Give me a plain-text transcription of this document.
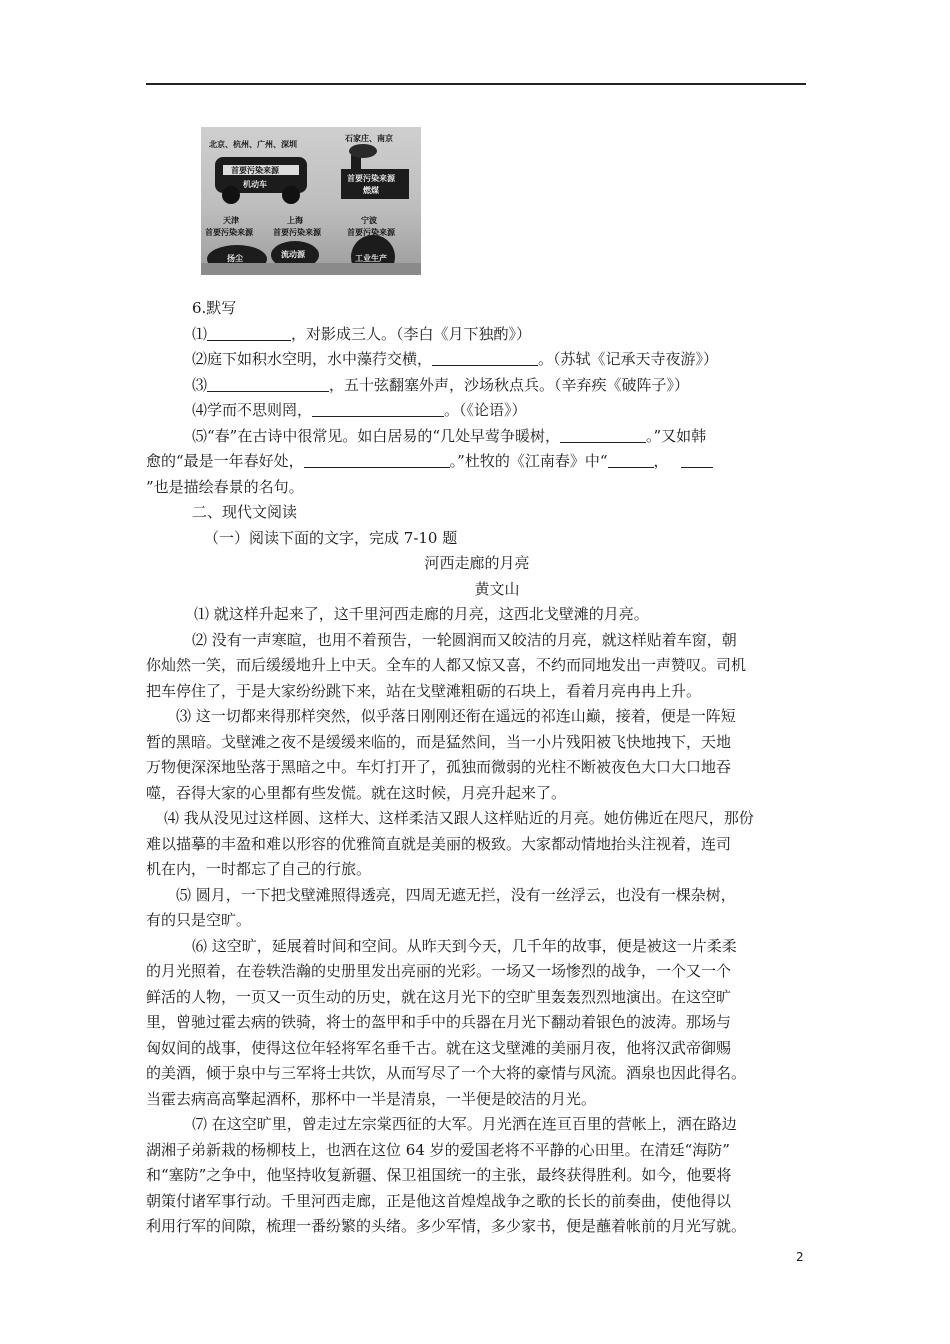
北京、杭州、广州、深圳
石家庄、南京
首要污染来源
机动车
首要污染来源
燃煤
天津	上海	宁波
首要污染来源	首要污染来源	首要污染来源
扬尘	流动源	工业生产
6.默写
⑴	，对影成三人。（李白《月下独酌》）
⑵庭下如积水空明，水中藻荇交横，	。（苏轼《记承天寺夜游》）
⑶	，五十弦翻塞外声，沙场秋点兵。（辛弃疾《破阵子》）
⑷学而不思则罔，	。（《论语》）
⑸“春”在古诗中很常见。如白居易的“几处早莺争暖树，	。”又如韩
愈的“最是一年春好处，	。”杜牧的《江南春》中“	，
”也是描绘春景的名句。
二、现代文阅读
（一）阅读下面的文字，完成 7-10 题
河西走廊的月亮
黄文山
⑴ 就这样升起来了，这千里河西走廊的月亮，这西北戈壁滩的月亮。
⑵ 没有一声寒暄，也用不着预告，一轮圆润而又皎洁的月亮，就这样贴着车窗，朝
你灿然一笑，而后缓缓地升上中天。全车的人都又惊又喜，不约而同地发出一声赞叹。司机
把车停住了，于是大家纷纷跳下来，站在戈壁滩粗砺的石块上，看着月亮冉冉上升。
⑶ 这一切都来得那样突然，似乎落日刚刚还衔在遥远的祁连山巅，接着，便是一阵短
暂的黑暗。戈壁滩之夜不是缓缓来临的，而是猛然间，当一小片残阳被飞快地拽下，天地
万物便深深地坠落于黑暗之中。车灯打开了，孤独而微弱的光柱不断被夜色大口大口地吞
噬，吞得大家的心里都有些发慌。就在这时候，月亮升起来了。
⑷ 我从没见过这样圆、这样大、这样柔洁又跟人这样贴近的月亮。她仿佛近在咫尺，那份
难以描摹的丰盈和难以形容的优雅简直就是美丽的极致。大家都动情地抬头注视着，连司
机在内，一时都忘了自己的行旅。
⑸ 圆月，一下把戈壁滩照得透亮，四周无遮无拦，没有一丝浮云，也没有一棵杂树，
有的只是空旷。
⑹ 这空旷，延展着时间和空间。从昨天到今天，几千年的故事，便是被这一片柔柔
的月光照着，在卷轶浩瀚的史册里发出亮丽的光彩。一场又一场惨烈的战争，一个又一个
鲜活的人物，一页又一页生动的历史，就在这月光下的空旷里轰轰烈烈地演出。在这空旷
里，曾驰过霍去病的铁骑，将士的盔甲和手中的兵器在月光下翻动着银色的波涛。那场与
匈奴间的战事，使得这位年轻将军名垂千古。就在这戈壁滩的美丽月夜，他将汉武帝御赐
的美酒，倾于泉中与三军将士共饮，从而写尽了一个大将的豪情与风流。酒泉也因此得名。
当霍去病高高擎起酒杯，那杯中一半是清泉，一半便是皎洁的月光。
⑺ 在这空旷里，曾走过左宗棠西征的大军。月光洒在连亘百里的营帐上，洒在路边
湖湘子弟新栽的杨柳枝上，也洒在这位 64 岁的爱国老将不平静的心田里。在清廷“海防”
和“塞防”之争中，他坚持收复新疆、保卫祖国统一的主张，最终获得胜利。如今，他要将
朝策付诸军事行动。千里河西走廊，正是他这首煌煌战争之歌的长长的前奏曲，使他得以
利用行军的间隙，梳理一番纷繁的头绪。多少军情，多少家书，便是蘸着帐前的月光写就。
2
